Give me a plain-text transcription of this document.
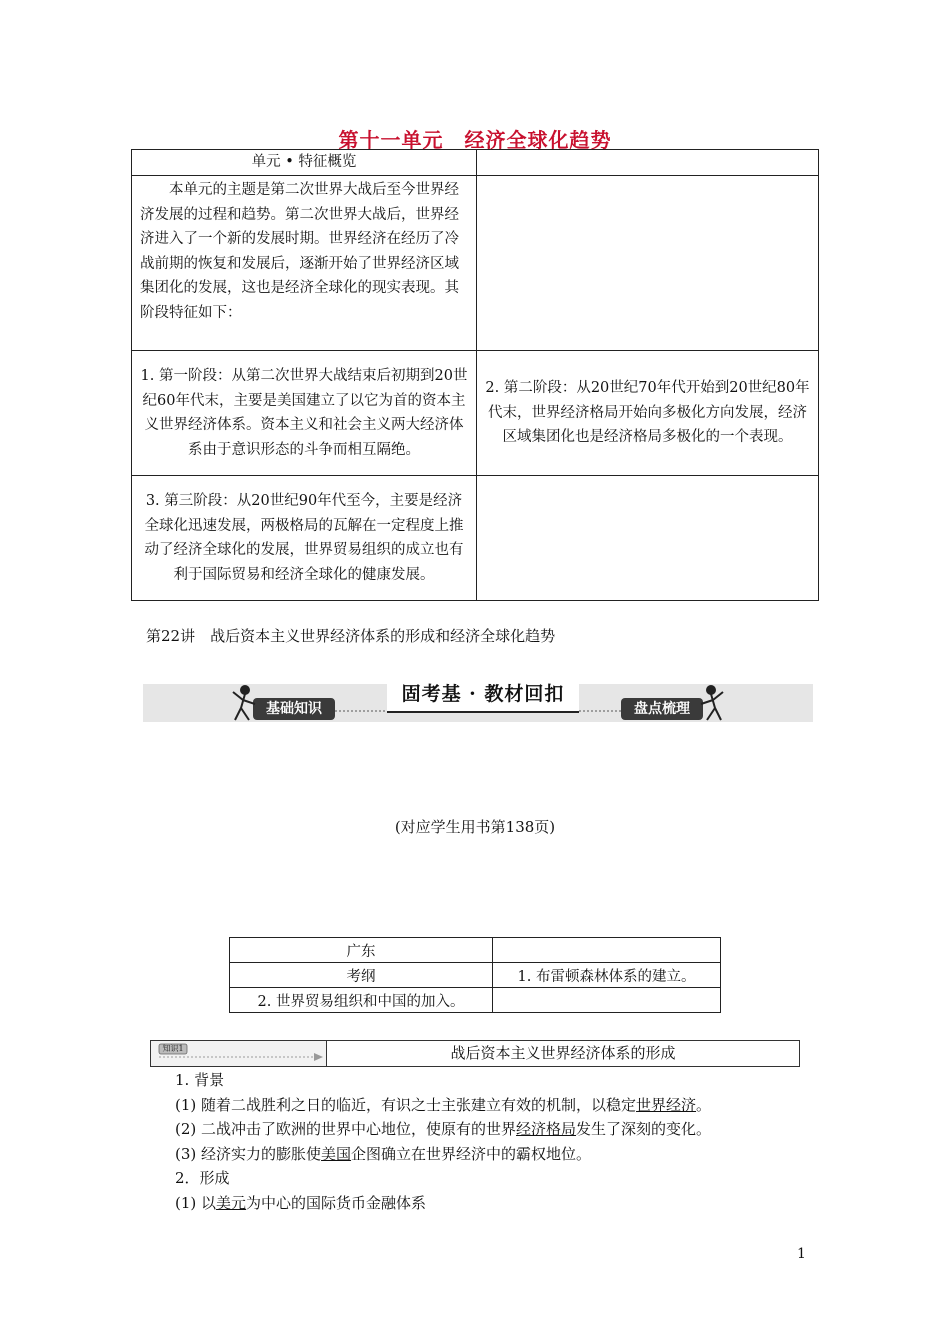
第十一单元　经济全球化趋势
单元 • 特征概览	
本单元的主题是第二次世界大战后至今世界经济发展的过程和趋势。第二次世界大战后，世界经济进入了一个新的发展时期。世界经济在经历了冷战前期的恢复和发展后，逐渐开始了世界经济区域集团化的发展，这也是经济全球化的现实表现。其阶段特征如下：	
1. 第一阶段：从第二次世界大战结束后初期到20世纪60年代末，主要是美国建立了以它为首的资本主义世界经济体系。资本主义和社会主义两大经济体系由于意识形态的斗争而相互隔绝。	2. 第二阶段：从20世纪70年代开始到20世纪80年代末，世界经济格局开始向多极化方向发展，经济区域集团化也是经济格局多极化的一个表现。
3. 第三阶段：从20世纪90年代至今，主要是经济全球化迅速发展，两极格局的瓦解在一定程度上推动了经济全球化的发展，世界贸易组织的成立也有利于国际贸易和经济全球化的健康发展。	
第22讲　战后资本主义世界经济体系的形成和经济全球化趋势
固考基 · 教材回扣
基础知识	盘点梳理
(对应学生用书第138页)
广东	
考纲	1. 布雷顿森林体系的建立。
2. 世界贸易组织和中国的加入。	
知识1	战后资本主义世界经济体系的形成

1. 背景

(1) 随着二战胜利之日的临近，有识之士主张建立有效的机制，以稳定世界经济。

(2) 二战冲击了欧洲的世界中心地位，使原有的世界经济格局发生了深刻的变化。

(3) 经济实力的膨胀使美国企图确立在世界经济中的霸权地位。

2．形成

(1) 以美元为中心的国际货币金融体系

1
